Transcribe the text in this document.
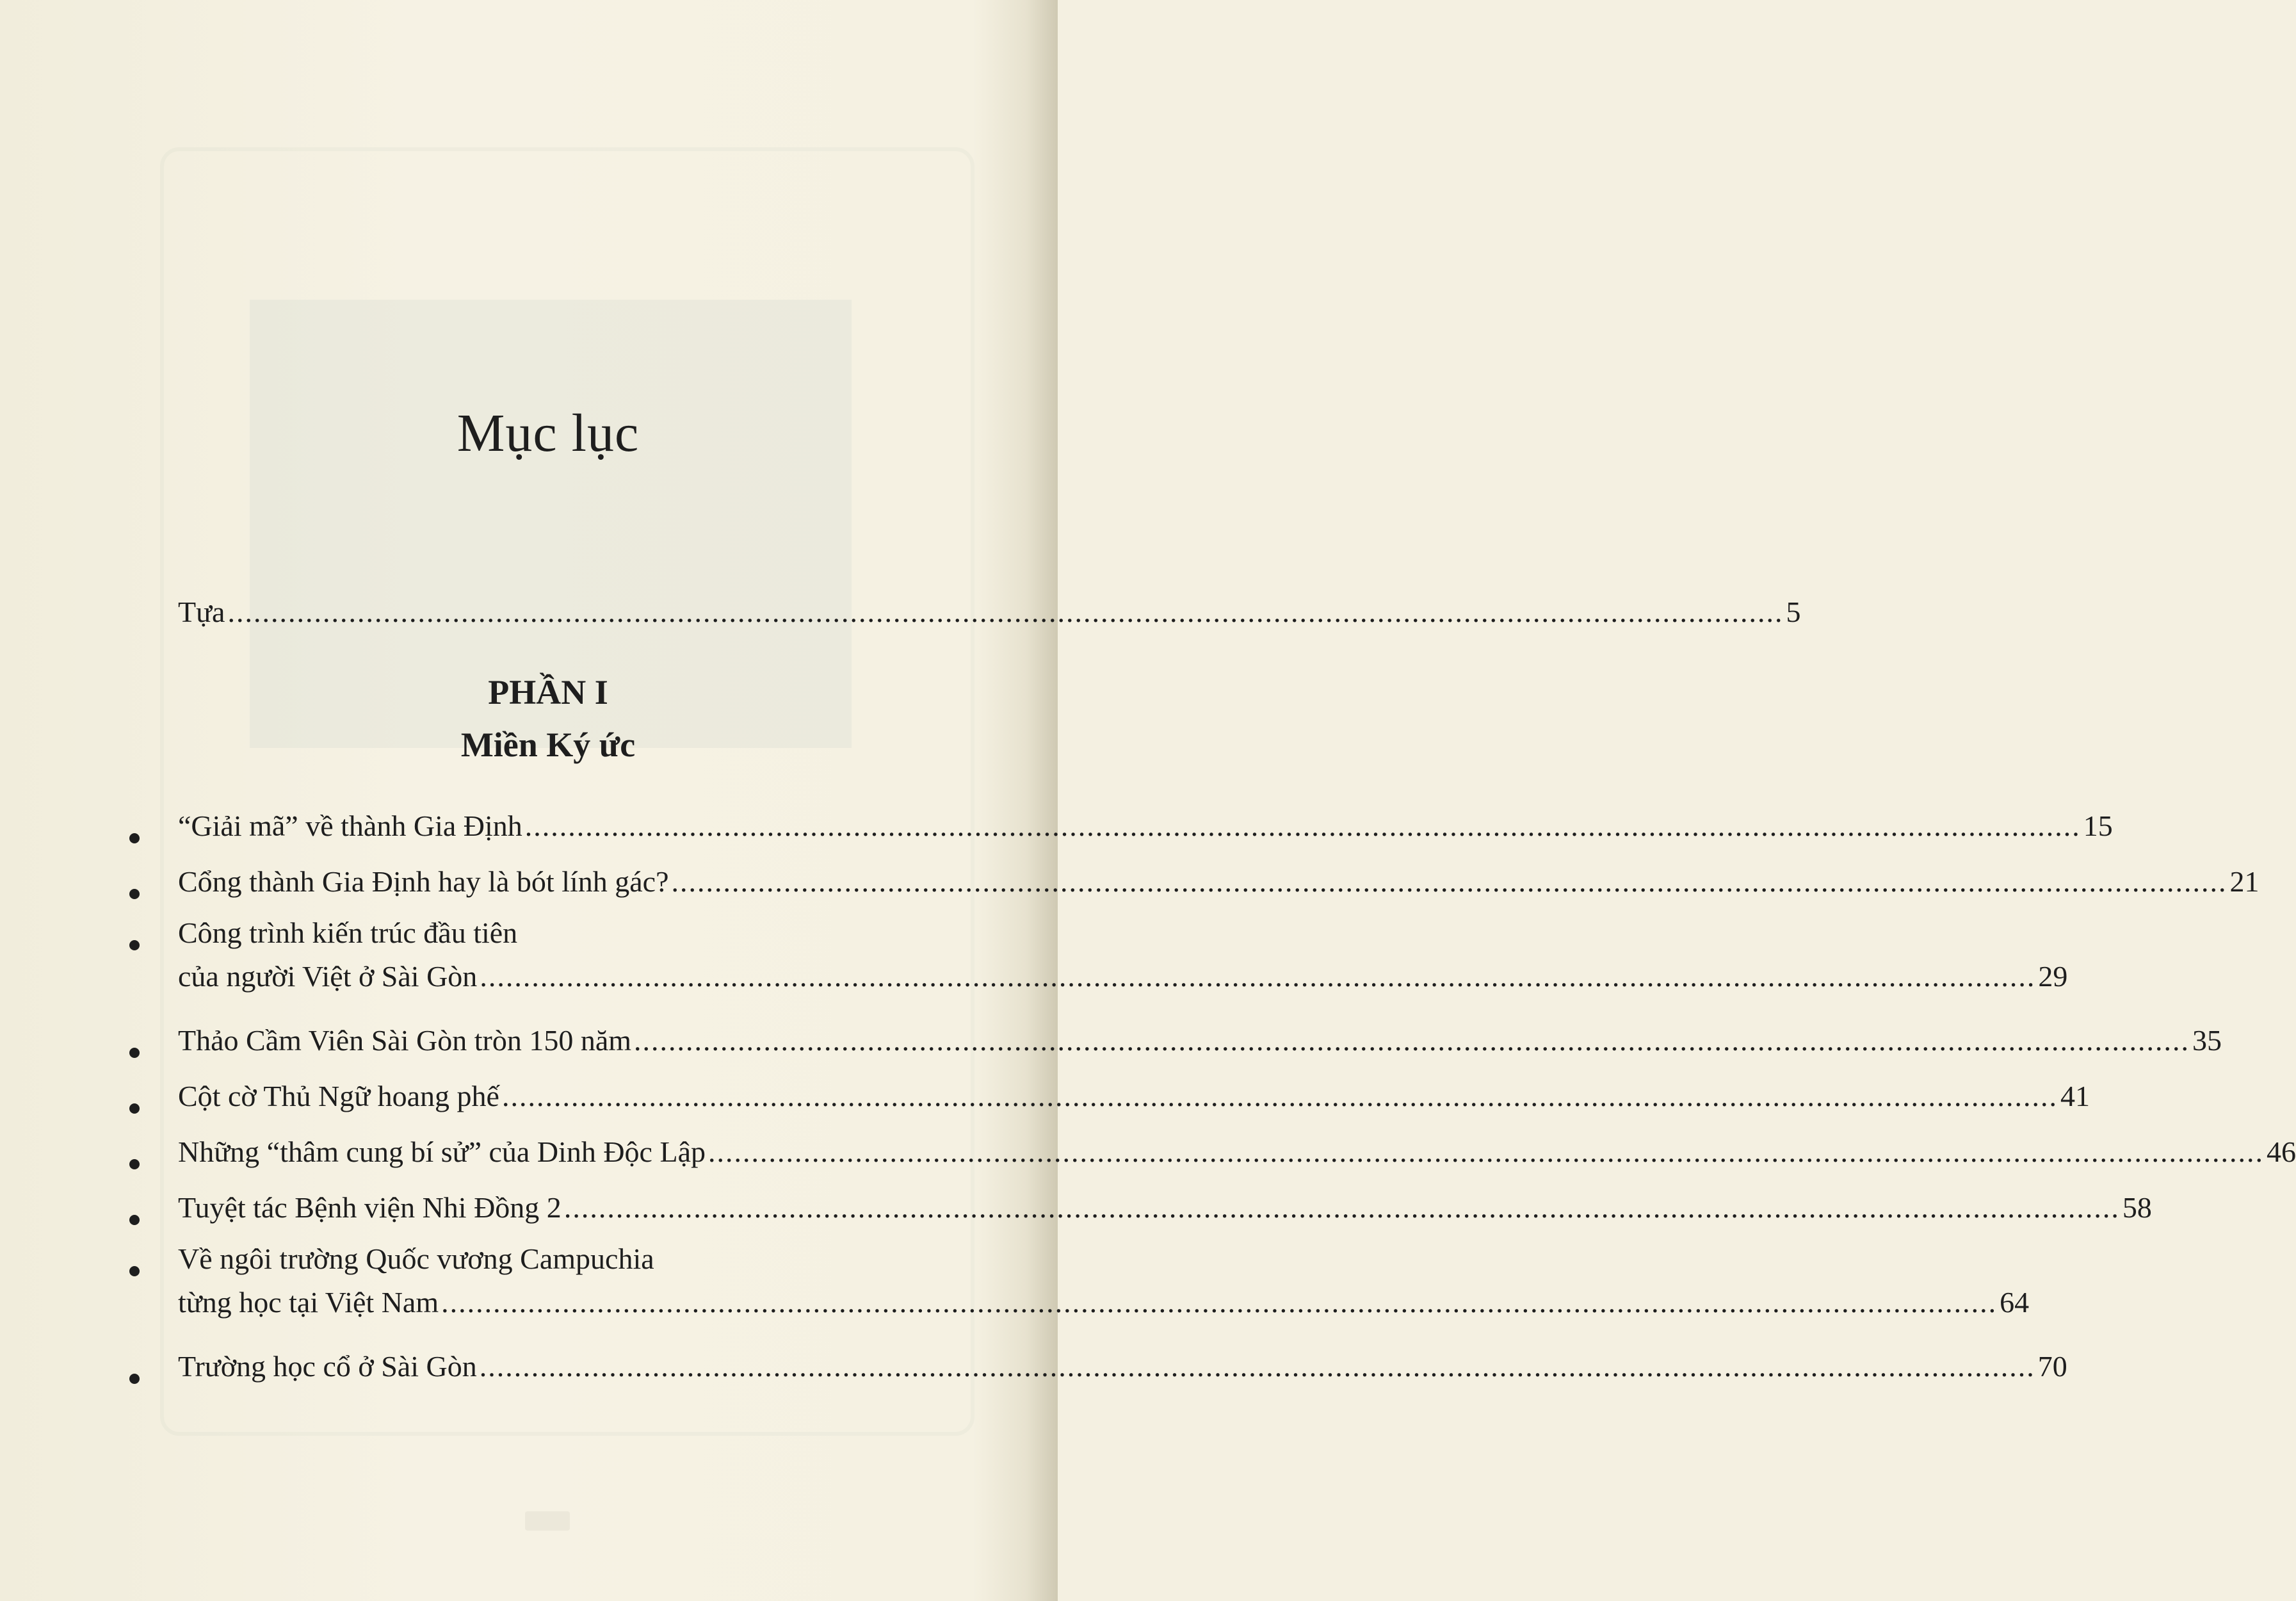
Mục lục
Tựa .................................................................................................................................................................................... 5
PHẦN I
Miền Ký ức
“Giải mã” về thành Gia Định .................................................................................................................................................................................... 15
Cổng thành Gia Định hay là bót lính gác? .................................................................................................................................................................................... 21
Công trình kiến trúc đầu tiên
của người Việt ở Sài Gòn .................................................................................................................................................................................... 29
Thảo Cầm Viên Sài Gòn tròn 150 năm .................................................................................................................................................................................... 35
Cột cờ Thủ Ngữ hoang phế .................................................................................................................................................................................... 41
Những “thâm cung bí sử” của Dinh Độc Lập .................................................................................................................................................................................... 46
Tuyệt tác Bệnh viện Nhi Đồng 2 .................................................................................................................................................................................... 58
Về ngôi trường Quốc vương Campuchia
từng học tại Việt Nam .................................................................................................................................................................................... 64
Trường học cổ ở Sài Gòn .................................................................................................................................................................................... 70
